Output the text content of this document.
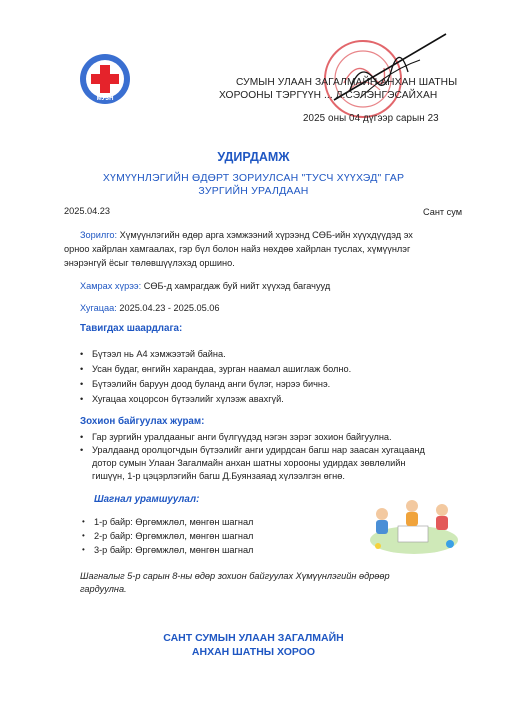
МУЗН
СУМЫН УЛААН ЗАГАЛМАЙН АНХАН ШАТНЫ
ХОРООНЫ ТЭРГҮҮН ... Л.СЭЛЭНГЭСАЙХАН
2025 оны 04 дүгээр сарын 23
УДИРДАМЖ
ХҮМҮҮНЛЭГИЙН ӨДӨРТ ЗОРИУЛСАН "ТУСЧ ХҮҮХЭД" ГАР
ЗУРГИЙН УРАЛДААН
2025.04.23	Сант сум
Зорилго: Хүмүүнлэгийн өдөр арга хэмжээний хүрээнд СӨБ-ийн хүүхдүүдэд эх
орноо хайрлан хамгаалах, гэр бүл болон найз нөхдөө хайрлан туслах, хүмүүнлэг
энэрэнгүй ёсыг төлөвшүүлэхэд оршино.
Хамрах хүрээ: СӨБ-д хамрагдаж буй нийт хүүхэд багачууд
Хугацаа: 2025.04.23 - 2025.05.06
Тавигдах шаардлага:
• Бүтээл нь А4 хэмжээтэй байна.
• Усан будаг, өнгийн харандаа, зурган наамал ашиглаж болно.
• Бүтээлийн баруун доод буланд анги бүлэг, нэрээ бичнэ.
• Хугацаа хоцорсон бүтээлийг хүлээж авахгүй.
Зохион байгуулах журам:
• Гар зургийн уралдааныг анги бүлгүүдэд нэгэн зэрэг зохион байгуулна.
• Уралдаанд оролцогчдын бүтээлийг анги удирдсан багш нар заасан хугацаанд
дотор сумын Улаан Загалмайн анхан шатны хорооны удирдах зөвлөлийн
гишүүн, 1-р цэцэрлэгийн багш Д.Буянзаяад хүлээлгэн өгнө.
Шагнал урамшуулал:
• 1-р байр: Өргөмжлөл, мөнгөн шагнал
• 2-р байр: Өргөмжлөл, мөнгөн шагнал
• 3-р байр: Өргөмжлөл, мөнгөн шагнал
Шагналыг 5-р сарын 8-ны өдөр зохион байгуулах Хүмүүнлэгийн өдрөөр
гардуулна.
САНТ СУМЫН УЛААН ЗАГАЛМАЙН
АНХАН ШАТНЫ ХОРОО
